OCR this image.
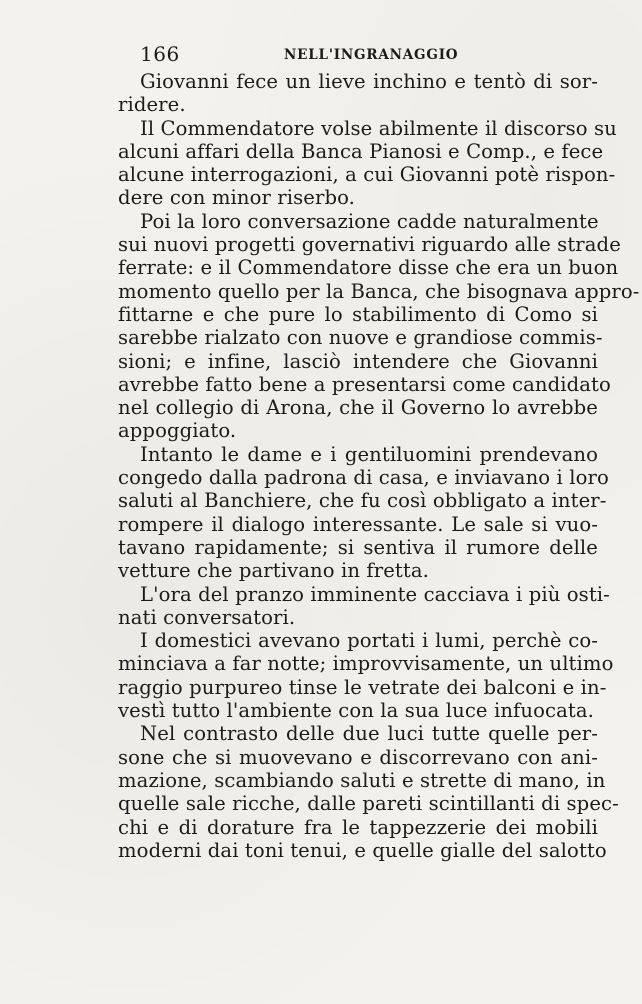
166	NELL'INGRANAGGIO
Giovanni fece un lieve inchino e tentò di sor-
ridere.
Il Commendatore volse abilmente il discorso su
alcuni affari della Banca Pianosi e Comp., e fece
alcune interrogazioni, a cui Giovanni potè rispon-
dere con minor riserbo.
Poi la loro conversazione cadde naturalmente
sui nuovi progetti governativi riguardo alle strade
ferrate: e il Commendatore disse che era un buon
momento quello per la Banca, che bisognava appro-
fittarne e che pure lo stabilimento di Como si
sarebbe rialzato con nuove e grandiose commis-
sioni; e infine, lasciò intendere che Giovanni
avrebbe fatto bene a presentarsi come candidato
nel collegio di Arona, che il Governo lo avrebbe
appoggiato.
Intanto le dame e i gentiluomini prendevano
congedo dalla padrona di casa, e inviavano i loro
saluti al Banchiere, che fu così obbligato a inter-
rompere il dialogo interessante. Le sale si vuo-
tavano rapidamente; si sentiva il rumore delle
vetture che partivano in fretta.
L'ora del pranzo imminente cacciava i più osti-
nati conversatori.
I domestici avevano portati i lumi, perchè co-
minciava a far notte; improvvisamente, un ultimo
raggio purpureo tinse le vetrate dei balconi e in-
vestì tutto l'ambiente con la sua luce infuocata.
Nel contrasto delle due luci tutte quelle per-
sone che si muovevano e discorrevano con ani-
mazione, scambiando saluti e strette di mano, in
quelle sale ricche, dalle pareti scintillanti di spec-
chi e di dorature fra le tappezzerie dei mobili
moderni dai toni tenui, e quelle gialle del salotto
